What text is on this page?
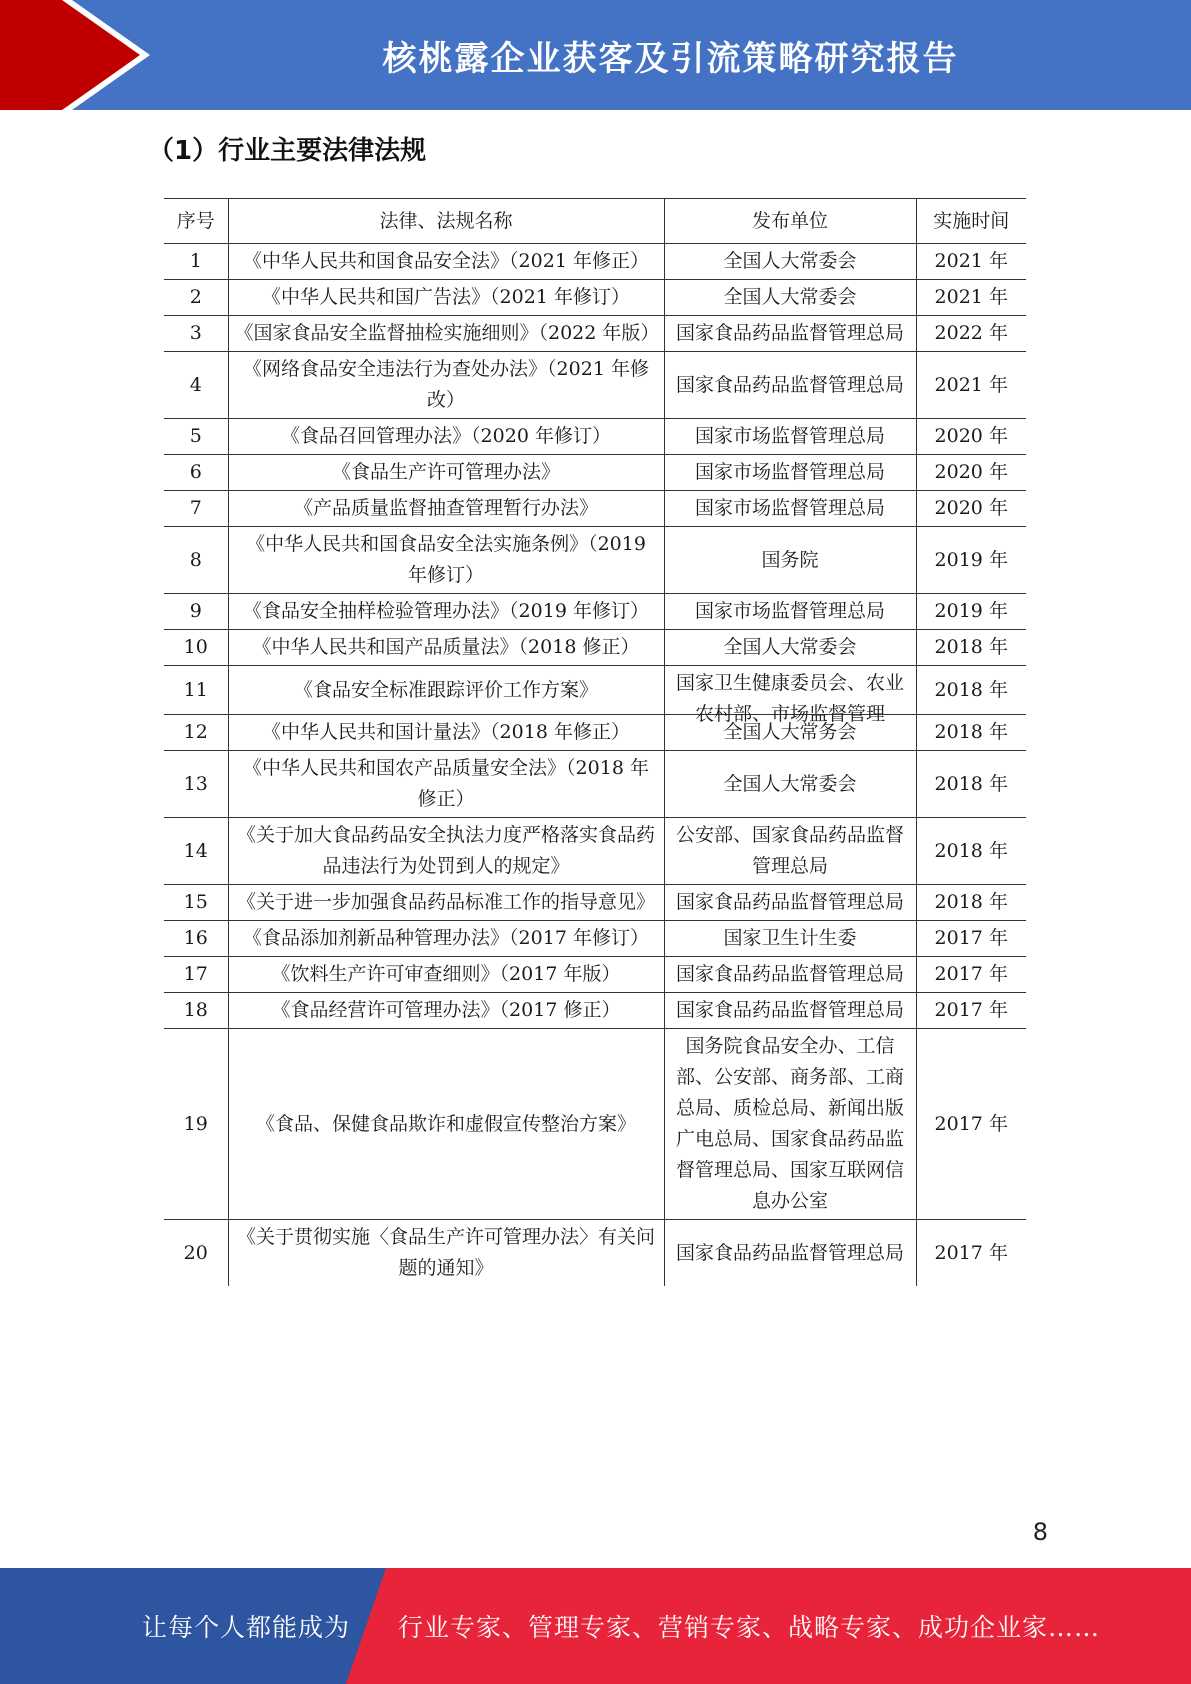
核桃露企业获客及引流策略研究报告
（1）行业主要法律法规
序号	法律、法规名称	发布单位	实施时间
1	《中华人民共和国食品安全法》（2021 年修正）	全国人大常委会	2021 年
2	《中华人民共和国广告法》（2021 年修订）	全国人大常委会	2021 年
3	《国家食品安全监督抽检实施细则》（2022 年版）	国家食品药品监督管理总局	2022 年
4	《网络食品安全违法行为查处办法》（2021 年修改）	国家食品药品监督管理总局	2021 年
5	《食品召回管理办法》（2020 年修订）	国家市场监督管理总局	2020 年
6	《食品生产许可管理办法》	国家市场监督管理总局	2020 年
7	《产品质量监督抽查管理暂行办法》	国家市场监督管理总局	2020 年
8	《中华人民共和国食品安全法实施条例》（2019 年修订）	国务院	2019 年
9	《食品安全抽样检验管理办法》（2019 年修订）	国家市场监督管理总局	2019 年
10	《中华人民共和国产品质量法》（2018 修正）	全国人大常委会	2018 年
11	《食品安全标准跟踪评价工作方案》	国家卫生健康委员会、农业农村部、市场监督管理	2018 年
12	《中华人民共和国计量法》（2018 年修正）	全国人大常务会	2018 年
13	《中华人民共和国农产品质量安全法》（2018 年修正）	全国人大常委会	2018 年
14	《关于加大食品药品安全执法力度严格落实食品药品违法行为处罚到人的规定》	公安部、国家食品药品监督管理总局	2018 年
15	《关于进一步加强食品药品标准工作的指导意见》	国家食品药品监督管理总局	2018 年
16	《食品添加剂新品种管理办法》（2017 年修订）	国家卫生计生委	2017 年
17	《饮料生产许可审查细则》（2017 年版）	国家食品药品监督管理总局	2017 年
18	《食品经营许可管理办法》（2017 修正）	国家食品药品监督管理总局	2017 年
19	《食品、保健食品欺诈和虚假宣传整治方案》	国务院食品安全办、工信部、公安部、商务部、工商总局、质检总局、新闻出版广电总局、国家食品药品监督管理总局、国家互联网信息办公室	2017 年
20	《关于贯彻实施〈食品生产许可管理办法〉有关问题的通知》	国家食品药品监督管理总局	2017 年
8
让每个人都能成为 行业专家、管理专家、营销专家、战略专家、成功企业家……
